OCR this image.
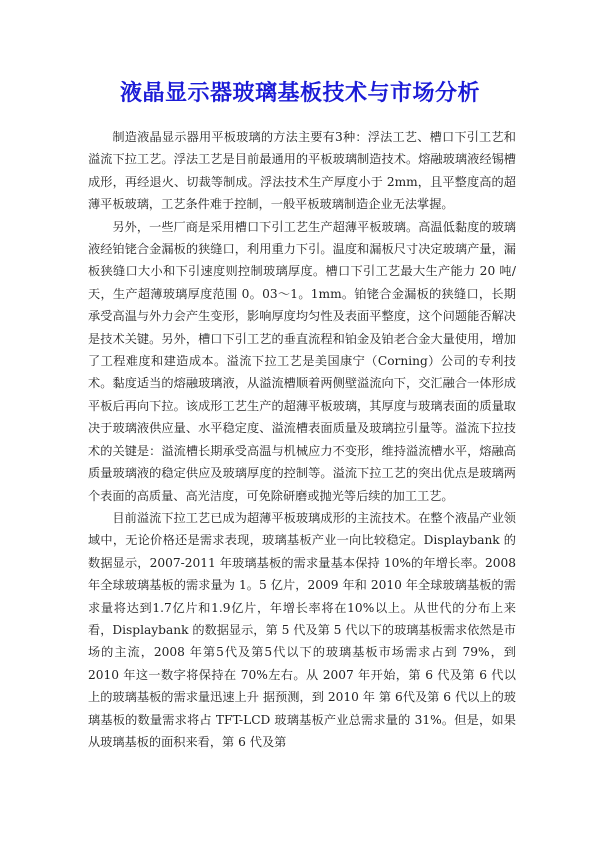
液晶显示器玻璃基板技术与市场分析

制造液晶显示器用平板玻璃的方法主要有3种：浮法工艺、槽口下引工艺和溢流下拉工艺。浮法工艺是目前最通用的平板玻璃制造技术。熔融玻璃液经锡槽成形，再经退火、切裁等制成。浮法技术生产厚度小于 2mm，且平整度高的超薄平板玻璃，工艺条件难于控制，一般平板玻璃制造企业无法掌握。

另外，一些厂商是采用槽口下引工艺生产超薄平板玻璃。高温低黏度的玻璃液经铂铑合金漏板的狭缝口，利用重力下引。温度和漏板尺寸决定玻璃产量，漏板狭缝口大小和下引速度则控制玻璃厚度。槽口下引工艺最大生产能力 20 吨/天，生产超薄玻璃厚度范围 0。03～1。1mm。铂铑合金漏板的狭缝口，长期承受高温与外力会产生变形，影响厚度均匀性及表面平整度，这个问题能否解决是技术关键。另外，槽口下引工艺的垂直流程和铂金及铂老合金大量使用，增加了工程难度和建造成本。溢流下拉工艺是美国康宁（Corning）公司的专利技术。黏度适当的熔融玻璃液，从溢流槽顺着两侧壁溢流向下，交汇融合一体形成平板后再向下拉。该成形工艺生产的超薄平板玻璃，其厚度与玻璃表面的质量取决于玻璃液供应量、水平稳定度、溢流槽表面质量及玻璃拉引量等。溢流下拉技术的关键是：溢流槽长期承受高温与机械应力不变形，维持溢流槽水平，熔融高质量玻璃液的稳定供应及玻璃厚度的控制等。溢流下拉工艺的突出优点是玻璃两个表面的高质量、高光洁度，可免除研磨或抛光等后续的加工工艺。

目前溢流下拉工艺已成为超薄平板玻璃成形的主流技术。在整个液晶产业领域中，无论价格还是需求表现，玻璃基板产业一向比较稳定。Displaybank 的数据显示，2007-2011 年玻璃基板的需求量基本保持 10%的年增长率。2008 年全球玻璃基板的需求量为 1。5 亿片，2009 年和 2010 年全球玻璃基板的需求量将达到1.7亿片和1.9亿片，年增长率将在10%以上。从世代的分布上来看，Displaybank 的数据显示，第 5 代及第 5 代以下的玻璃基板需求依然是市场的主流，2008 年第5代及第5代以下的玻璃基板市场需求占到 79%，到 2010 年这一数字将保持在 70%左右。从 2007 年开始，第 6 代及第 6 代以上的玻璃基板的需求量迅速上升 据预测，到 2010 年 第 6代及第 6 代以上的玻璃基板的数量需求将占 TFT-LCD 玻璃基板产业总需求量的 31%。但是，如果从玻璃基板的面积来看，第 6 代及第
